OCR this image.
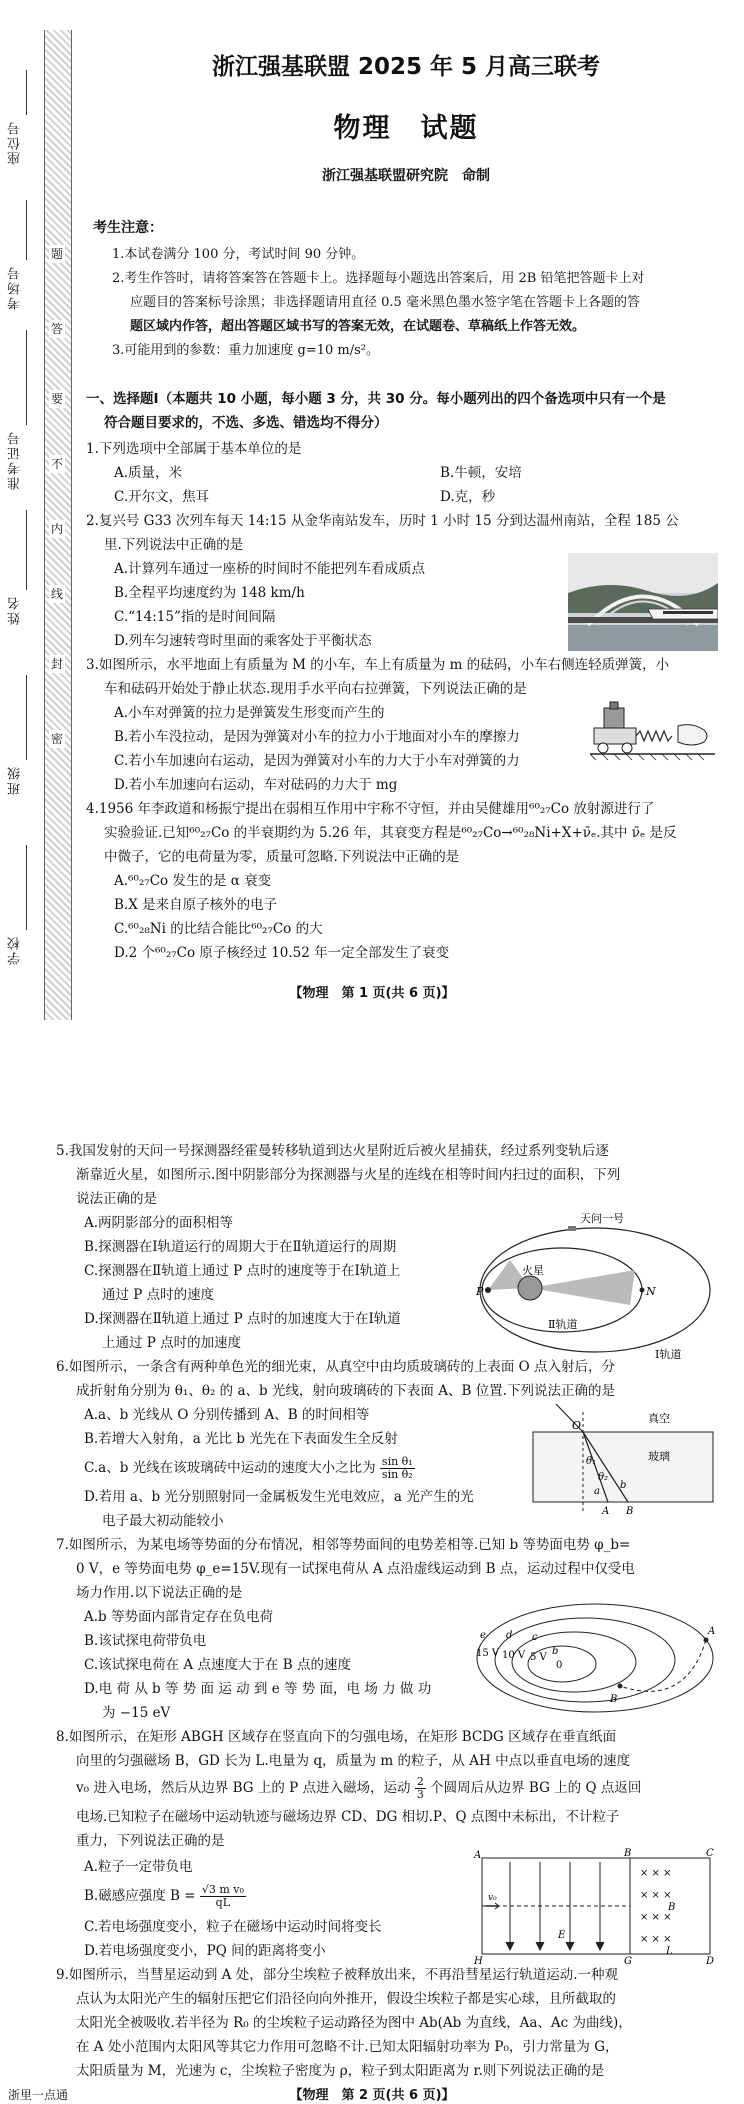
座位号
考场号
准考证号
姓名
班级
学校
题
答
要
不
内
线
封
密
浙江强基联盟 2025 年 5 月高三联考
物理　试题
浙江强基联盟研究院　命制
考生注意：
1.本试卷满分 100 分，考试时间 90 分钟。
2.考生作答时，请将答案答在答题卡上。选择题每小题选出答案后，用 2B 铅笔把答题卡上对
应题目的答案标号涂黑；非选择题请用直径 0.5 毫米黑色墨水签字笔在答题卡上各题的答
题区域内作答，超出答题区域书写的答案无效，在试题卷、草稿纸上作答无效。
3.可能用到的参数：重力加速度 g=10 m/s²。
一、选择题Ⅰ（本题共 10 小题，每小题 3 分，共 30 分。每小题列出的四个备选项中只有一个是
符合题目要求的，不选、多选、错选均不得分）
1.下列选项中全部属于基本单位的是
A.质量，米	B.牛顿，安培
C.开尔文，焦耳	D.克，秒
2.复兴号 G33 次列车每天 14:15 从金华南站发车，历时 1 小时 15 分到达温州南站，全程 185 公
里.下列说法中正确的是
A.计算列车通过一座桥的时间时不能把列车看成质点
B.全程平均速度约为 148 km/h
C.“14:15”指的是时间间隔
D.列车匀速转弯时里面的乘客处于平衡状态
3.如图所示，水平地面上有质量为 M 的小车，车上有质量为 m 的砝码，小车右侧连轻质弹簧，小
车和砝码开始处于静止状态.现用手水平向右拉弹簧，下列说法正确的是
A.小车对弹簧的拉力是弹簧发生形变而产生的
B.若小车没拉动，是因为弹簧对小车的拉力小于地面对小车的摩擦力
C.若小车加速向右运动，是因为弹簧对小车的力大于小车对弹簧的力
D.若小车加速向右运动，车对砝码的力大于 mg
4.1956 年李政道和杨振宁提出在弱相互作用中宇称不守恒，并由吴健雄用⁶⁰₂₇Co 放射源进行了
实验验证.已知⁶⁰₂₇Co 的半衰期约为 5.26 年，其衰变方程是⁶⁰₂₇Co→⁶⁰₂₈Ni+X+ν̄ₑ.其中 ν̄ₑ 是反
中微子，它的电荷量为零，质量可忽略.下列说法中正确的是
A.⁶⁰₂₇Co 发生的是 α 衰变
B.X 是来自原子核外的电子
C.⁶⁰₂₈Ni 的比结合能比⁶⁰₂₇Co 的大
D.2 个⁶⁰₂₇Co 原子核经过 10.52 年一定全部发生了衰变
【物理　第 1 页(共 6 页)】
5.我国发射的天问一号探测器经霍曼转移轨道到达火星附近后被火星捕获，经过系列变轨后逐
渐靠近火星，如图所示.图中阴影部分为探测器与火星的连线在相等时间内扫过的面积，下列
说法正确的是
A.两阴影部分的面积相等
B.探测器在Ⅰ轨道运行的周期大于在Ⅱ轨道运行的周期
C.探测器在Ⅱ轨道上通过 P 点时的速度等于在Ⅰ轨道上
通过 P 点时的速度
D.探测器在Ⅱ轨道上通过 P 点时的加速度大于在Ⅰ轨道
上通过 P 点时的加速度
火星
天问一号
P	N
Ⅱ轨道
Ⅰ轨道
6.如图所示，一条含有两种单色光的细光束，从真空中由均质玻璃砖的上表面 O 点入射后，分
成折射角分别为 θ₁、θ₂ 的 a、b 光线，射向玻璃砖的下表面 A、B 位置.下列说法正确的是
A.a、b 光线从 O 分别传播到 A、B 的时间相等
B.若增大入射角，a 光比 b 光先在下表面发生全反射
C.a、b 光线在该玻璃砖中运动的速度大小之比为 $\frac{\text{sin θ₁}}{\text{sin θ₂}}$
D.若用 a、b 光分别照射同一金属板发生光电效应，a 光产生的光
电子最大初动能较小
O
真空
玻璃
θ₁
θ₂
a
b
A B
7.如图所示，为某电场等势面的分布情况，相邻等势面间的电势差相等.已知 b 等势面电势 φ_b=
0 V，e 等势面电势 φ_e=15V.现有一试探电荷从 A 点沿虚线运动到 B 点，运动过程中仅受电
场力作用.以下说法正确的是
A.b 等势面内部肯定存在负电荷
B.该试探电荷带负电
C.该试探电荷在 A 点速度大于在 B 点的速度
D.电 荷 从 b 等 势 面 运 动 到 e 等 势 面，电 场 力 做 功
为 −15 eV
e d c
b
15 V 10 V 5 V
0
A
B
8.如图所示，在矩形 ABGH 区域存在竖直向下的匀强电场，在矩形 BCDG 区域存在垂直纸面
向里的匀强磁场 B，GD 长为 L.电量为 q，质量为 m 的粒子，从 AH 中点以垂直电场的速度
v₀ 进入电场，然后从边界 BG 上的 P 点进入磁场，运动 $\frac{2}{3}$ 个圆周后从边界 BG 上的 Q 点返回
电场.已知粒子在磁场中运动轨迹与磁场边界 CD、DG 相切.P、Q 点图中未标出，不计粒子
重力，下列说法正确的是
A.粒子一定带负电
B.磁感应强度 $B = \frac{\text{√3 m v₀}}{qL}$
C.若电场强度变小，粒子在磁场中运动时间将变长
D.若电场强度变小，PQ 间的距离将变小
× × ×
× × ×
× × ×
× × ×
A	B	C
D
G
H
E
L
B
v₀
9.如图所示，当彗星运动到 A 处，部分尘埃粒子被释放出来，不再沿彗星运行轨道运动.一种观
点认为太阳光产生的辐射压把它们沿径向向外推开，假设尘埃粒子都是实心球，且所截取的
太阳光全被吸收.若半径为 R₀ 的尘埃粒子运动路径为图中 Ab(Ab 为直线，Aa、Ac 为曲线)，
在 A 处小范围内太阳风等其它力作用可忽略不计.已知太阳辐射功率为 P₀，引力常量为 G，
太阳质量为 M，光速为 c，尘埃粒子密度为 ρ，粒子到太阳距离为 r.则下列说法正确的是
【物理　第 2 页(共 6 页)】
浙里一点通
